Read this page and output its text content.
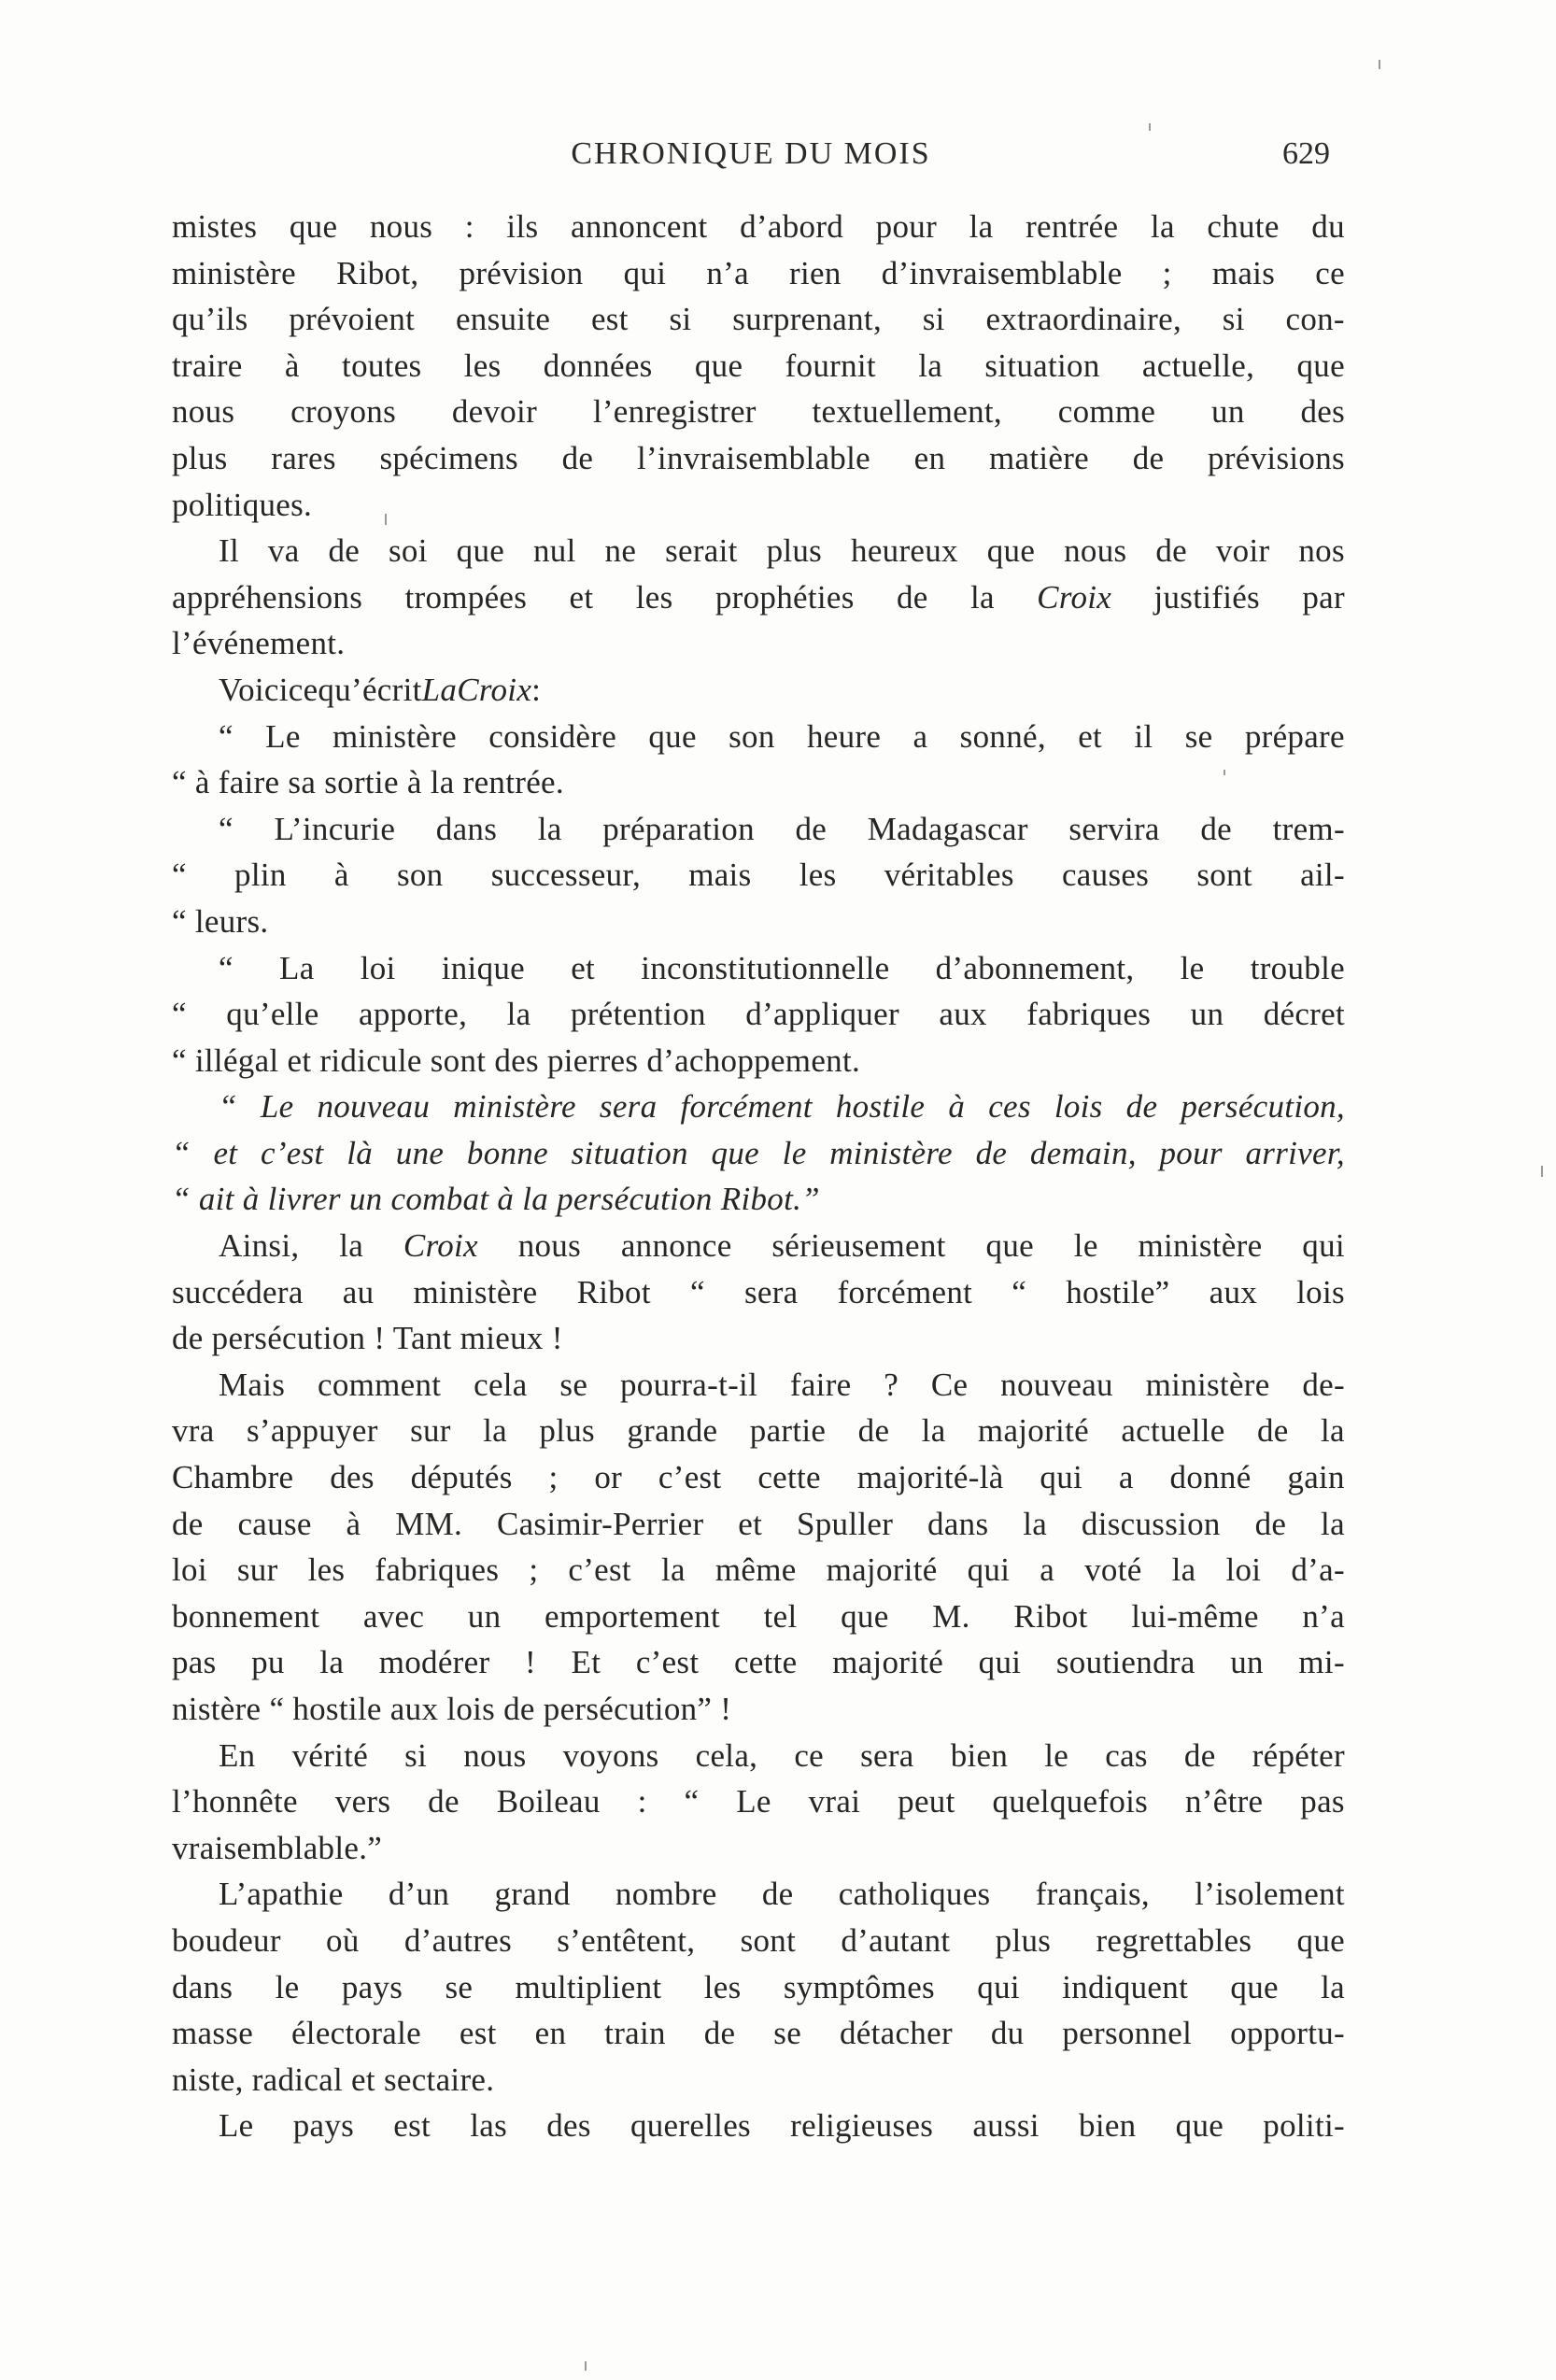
CHRONIQUE DU MOIS	629
mistes que nous : ils annoncent d’abord pour la rentrée la chute du
ministère Ribot, prévision qui n’a rien d’invraisemblable ; mais ce
qu’ils prévoient ensuite est si surprenant, si extraordinaire, si con-
traire à toutes les données que fournit la situation actuelle, que
nous croyons devoir l’enregistrer textuellement, comme un des
plus rares spécimens de l’invraisemblable en matière de prévisions
politiques.
Il va de soi que nul ne serait plus heureux que nous de voir nos
appréhensions trompées et les prophéties de la Croix justifiés par
l’événement.
Voici ce qu’écrit La Croix :
“ Le ministère considère que son heure a sonné, et il se prépare
“ à faire sa sortie à la rentrée.
“ L’incurie dans la préparation de Madagascar servira de trem-
“ plin à son successeur, mais les véritables causes sont ail-
“ leurs.
“ La loi inique et inconstitutionnelle d’abonnement, le trouble
“ qu’elle apporte, la prétention d’appliquer aux fabriques un décret
“ illégal et ridicule sont des pierres d’achoppement.
“ Le nouveau ministère sera forcément hostile à ces lois de persécution,
“ et c’est là une bonne situation que le ministère de demain, pour arriver,
“ ait à livrer un combat à la persécution Ribot.”
Ainsi, la Croix nous annonce sérieusement que le ministère qui
succédera au ministère Ribot “ sera forcément “ hostile” aux lois
de persécution ! Tant mieux !
Mais comment cela se pourra-t-il faire ? Ce nouveau ministère de-
vra s’appuyer sur la plus grande partie de la majorité actuelle de la
Chambre des députés ; or c’est cette majorité-là qui a donné gain
de cause à MM. Casimir-Perrier et Spuller dans la discussion de la
loi sur les fabriques ; c’est la même majorité qui a voté la loi d’a-
bonnement avec un emportement tel que M. Ribot lui-même n’a
pas pu la modérer ! Et c’est cette majorité qui soutiendra un mi-
nistère “ hostile aux lois de persécution” !
En vérité si nous voyons cela, ce sera bien le cas de répéter
l’honnête vers de Boileau : “ Le vrai peut quelquefois n’être pas
vraisemblable.”
L’apathie d’un grand nombre de catholiques français, l’isolement
boudeur où d’autres s’entêtent, sont d’autant plus regrettables que
dans le pays se multiplient les symptômes qui indiquent que la
masse électorale est en train de se détacher du personnel opportu-
niste, radical et sectaire.
Le pays est las des querelles religieuses aussi bien que politi-
